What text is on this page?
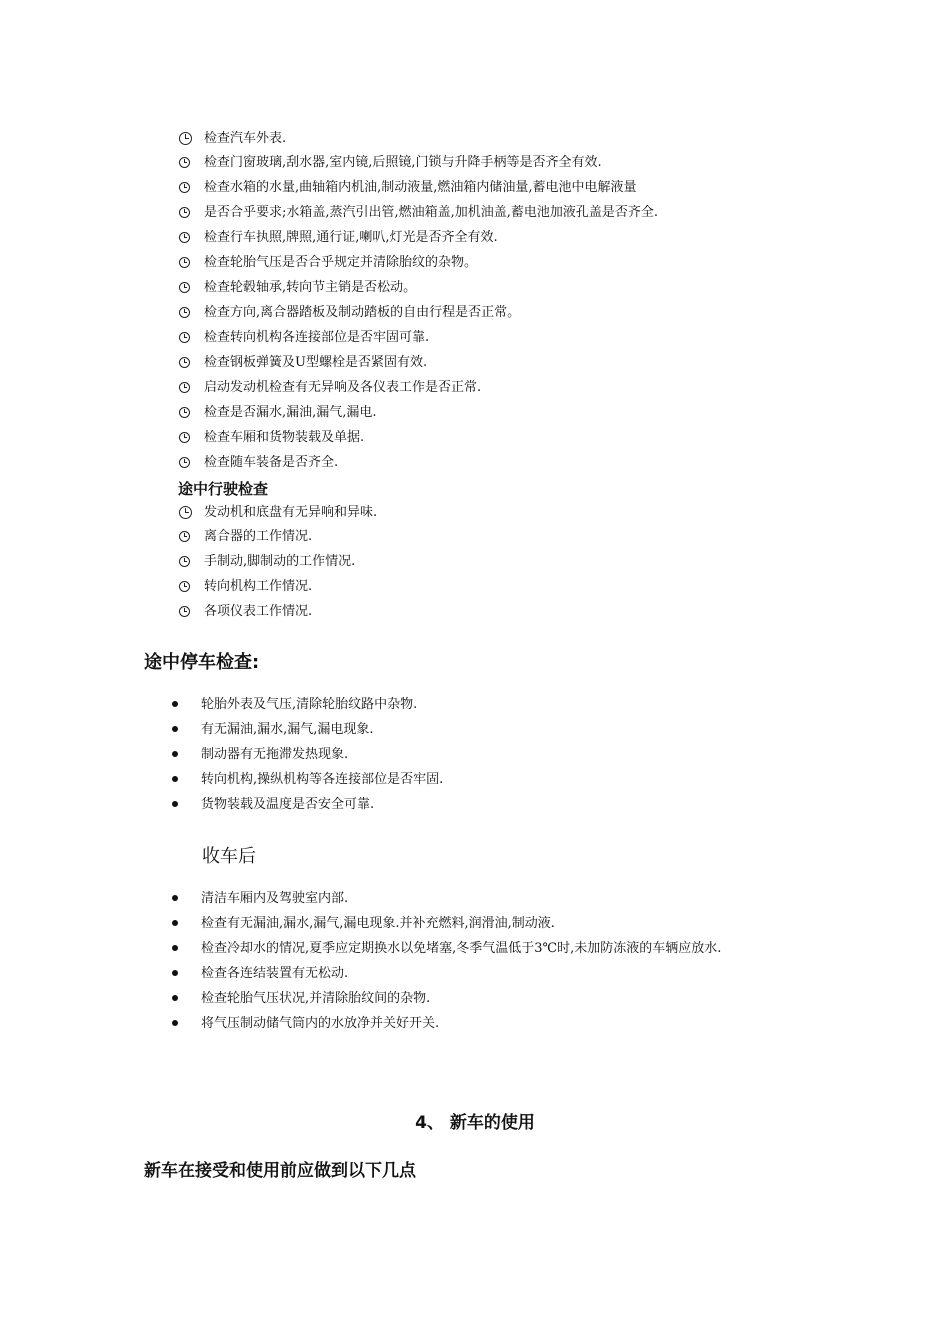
检查汽车外表.
检查门窗玻璃,刮水器,室内镜,后照镜,门锁与升降手柄等是否齐全有效.
检查水箱的水量,曲轴箱内机油,制动液量,燃油箱内储油量,蓄电池中电解液量
是否合乎要求;水箱盖,蒸汽引出管,燃油箱盖,加机油盖,蓄电池加液孔盖是否齐全.
检查行车执照,牌照,通行证,喇叭,灯光是否齐全有效.
检查轮胎气压是否合乎规定并清除胎纹的杂物。
检查轮毂轴承,转向节主销是否松动。
检查方向,离合器踏板及制动踏板的自由行程是否正常。
检查转向机构各连接部位是否牢固可靠.
检查钢板弹簧及U型螺栓是否紧固有效.
启动发动机检查有无异响及各仪表工作是否正常.
检查是否漏水,漏油,漏气,漏电.
检查车厢和货物装载及单据.
检查随车装备是否齐全.
途中行驶检查
发动机和底盘有无异响和异味.
离合器的工作情况.
手制动,脚制动的工作情况.
转向机构工作情况.
各项仪表工作情况.
途中停车检查:
轮胎外表及气压,清除轮胎纹路中杂物.
有无漏油,漏水,漏气,漏电现象.
制动器有无拖滞发热现象.
转向机构,操纵机构等各连接部位是否牢固.
货物装载及温度是否安全可靠.
收车后
清洁车厢内及驾驶室内部.
检查有无漏油,漏水,漏气,漏电现象.并补充燃料,润滑油,制动液.
检查冷却水的情况,夏季应定期换水以免堵塞,冬季气温低于3℃时,未加防冻液的车辆应放水.
检查各连结装置有无松动.
检查轮胎气压状况,并清除胎纹间的杂物.
将气压制动储气筒内的水放净并关好开关.
4、 新车的使用
新车在接受和使用前应做到以下几点
